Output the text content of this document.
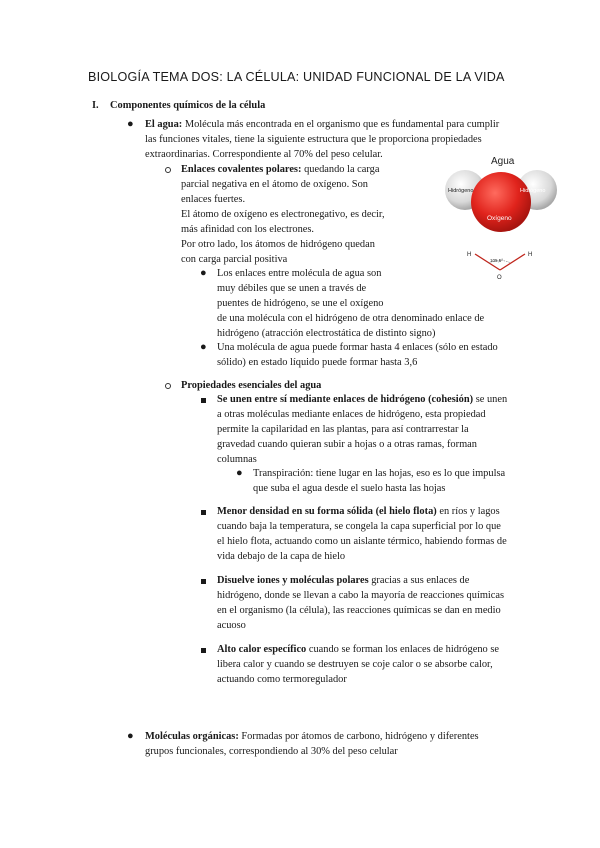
BIOLOGÍA TEMA DOS: LA CÉLULA: UNIDAD FUNCIONAL DE LA VIDA
I. Componentes químicos de la célula
● El agua: Molécula más encontrada en el organismo que es fundamental para cumplir
las funciones vitales, tiene la siguiente estructura que le proporciona propiedades
extraordinarias. Correspondiente al 70% del peso celular.
Enlaces covalentes polares: quedando la carga
parcial negativa en el átomo de oxígeno. Son
enlaces fuertes.
El átomo de oxígeno es electronegativo, es decir,
más afinidad con los electrones.
Por otro lado, los átomos de hidrógeno quedan
con carga parcial positiva
● Los enlaces entre molécula de agua son
muy débiles que se unen a través de
puentes de hidrógeno, se une el oxígeno
de una molécula con el hidrógeno de otra denominado enlace de
hidrógeno (atracción electrostática de distinto signo)
● Una molécula de agua puede formar hasta 4 enlaces (sólo en estado
sólido) en estado líquido puede formar hasta 3,6
Propiedades esenciales del agua
Se unen entre sí mediante enlaces de hidrógeno (cohesión) se unen
a otras moléculas mediante enlaces de hidrógeno, esta propiedad
permite la capilaridad en las plantas, para así contrarrestar la
gravedad cuando quieran subir a hojas o a otras ramas, forman
columnas
● Transpiración: tiene lugar en las hojas, eso es lo que impulsa
que suba el agua desde el suelo hasta las hojas
Menor densidad en su forma sólida (el hielo flota) en ríos y lagos
cuando baja la temperatura, se congela la capa superficial por lo que
el hielo flota, actuando como un aislante térmico, habiendo formas de
vida debajo de la capa de hielo
Disuelve iones y moléculas polares gracias a sus enlaces de
hidrógeno, donde se llevan a cabo la mayoría de reacciones químicas
en el organismo (la célula), las reacciones químicas se dan en medio
acuoso
Alto calor específico cuando se forman los enlaces de hidrógeno se
libera calor y cuando se destruyen se coje calor o se absorbe calor,
actuando como termoregulador
● Moléculas orgánicas: Formadas por átomos de carbono, hidrógeno y diferentes
grupos funcionales, correspondiendo al 30% del peso celular
Agua
Hidrógeno	Hidrógeno
Oxígeno
H	H
O
105,5°
